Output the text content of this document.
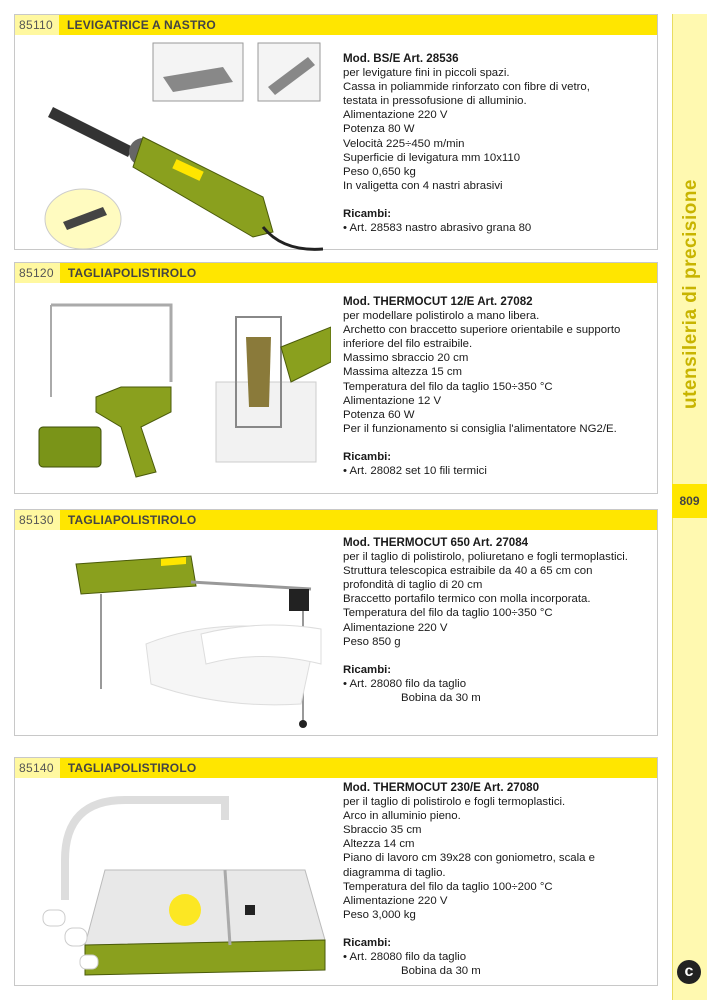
utensileria di precisione
809
c
85110	LEVIGATRICE A NASTRO

Mod. BS/E Art. 28536

per levigature fini in piccoli spazi.

Cassa in poliammide rinforzato con fibre di vetro,

testata in pressofusione di alluminio.

Alimentazione 220 V

Potenza 80 W

Velocità 225÷450 m/min

Superficie di levigatura mm 10x110

Peso 0,650 kg

In valigetta con 4 nastri abrasivi

Ricambi:

• Art. 28583 nastro abrasivo grana 80

85120	TAGLIAPOLISTIROLO

Mod. THERMOCUT 12/E Art. 27082

per modellare polistirolo a mano libera.

Archetto con braccetto superiore orientabile e supporto

inferiore del filo estraibile.

Massimo sbraccio 20 cm

Massima altezza 15 cm

Temperatura del filo da taglio 150÷350 °C

Alimentazione 12 V

Potenza 60 W

Per il funzionamento si consiglia l'alimentatore NG2/E.

Ricambi:

• Art. 28082 set 10 fili termici

85130	TAGLIAPOLISTIROLO

Mod. THERMOCUT 650 Art. 27084

per il taglio di polistirolo, poliuretano e fogli termoplastici.

Struttura telescopica estraibile da 40 a 65 cm con

profondità di taglio di 20 cm

Braccetto portafilo termico con molla incorporata.

Temperatura del filo da taglio 100÷350 °C

Alimentazione 220 V

Peso 850 g

Ricambi:

• Art. 28080 filo da taglio

Bobina da 30 m

85140	TAGLIAPOLISTIROLO

Mod. THERMOCUT 230/E Art. 27080

per il taglio di polistirolo e fogli termoplastici.

Arco in alluminio pieno.

Sbraccio 35 cm

Altezza 14 cm

Piano di lavoro cm 39x28 con goniometro, scala e

diagramma di taglio.

Temperatura del filo da taglio 100÷200 °C

Alimentazione 220 V

Peso 3,000 kg

Ricambi:

• Art. 28080 filo da taglio

Bobina da 30 m
